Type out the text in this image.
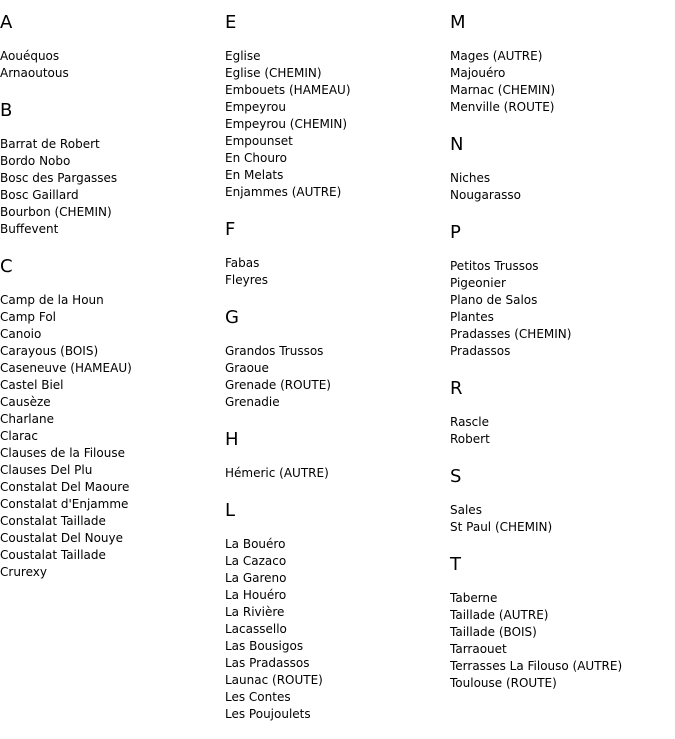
A
Aouéquos
Arnaoutous
B
Barrat de Robert
Bordo Nobo
Bosc des Pargasses
Bosc Gaillard
Bourbon (CHEMIN)
Buffevent
C
Camp de la Houn
Camp Fol
Canoio
Carayous (BOIS)
Caseneuve (HAMEAU)
Castel Biel
Causèze
Charlane
Clarac
Clauses de la Filouse
Clauses Del Plu
Constalat Del Maoure
Constalat d'Enjamme
Constalat Taillade
Coustalat Del Nouye
Coustalat Taillade
Crurexy
E
Eglise
Eglise (CHEMIN)
Embouets (HAMEAU)
Empeyrou
Empeyrou (CHEMIN)
Empounset
En Chouro
En Melats
Enjammes (AUTRE)
F
Fabas
Fleyres
G
Grandos Trussos
Graoue
Grenade (ROUTE)
Grenadie
H
Hémeric (AUTRE)
L
La Bouéro
La Cazaco
La Gareno
La Houéro
La Rivière
Lacassello
Las Bousigos
Las Pradassos
Launac (ROUTE)
Les Contes
Les Poujoulets
M
Mages (AUTRE)
Majouéro
Marnac (CHEMIN)
Menville (ROUTE)
N
Niches
Nougarasso
P
Petitos Trussos
Pigeonier
Plano de Salos
Plantes
Pradasses (CHEMIN)
Pradassos
R
Rascle
Robert
S
Sales
St Paul (CHEMIN)
T
Taberne
Taillade (AUTRE)
Taillade (BOIS)
Tarraouet
Terrasses La Filouso (AUTRE)
Toulouse (ROUTE)
